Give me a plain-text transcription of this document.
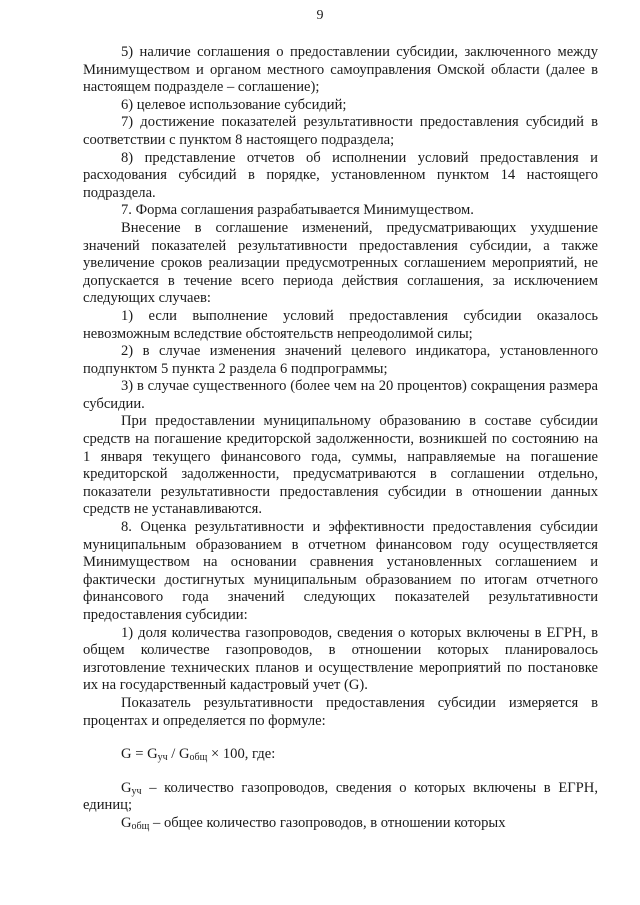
9

5) наличие соглашения о предоставлении субсидии, заключенного между Минимуществом и органом местного самоуправления Омской области (далее в настоящем подразделе – соглашение);

6) целевое использование субсидий;

7) достижение показателей результативности предоставления субсидий в соответствии с пунктом 8 настоящего подраздела;

8) представление отчетов об исполнении условий предоставления и расходования субсидий в порядке, установленном пунктом 14 настоящего подраздела.

7. Форма соглашения разрабатывается Минимуществом.

Внесение в соглашение изменений, предусматривающих ухудшение значений показателей результативности предоставления субсидии, а также увеличение сроков реализации предусмотренных соглашением мероприятий, не допускается в течение всего периода действия соглашения, за исключением следующих случаев:

1) если выполнение условий предоставления субсидии оказалось невозможным вследствие обстоятельств непреодолимой силы;

2) в случае изменения значений целевого индикатора, установленного подпунктом 5 пункта 2 раздела 6 подпрограммы;

3) в случае существенного (более чем на 20 процентов) сокращения размера субсидии.

При предоставлении муниципальному образованию в составе субсидии средств на погашение кредиторской задолженности, возникшей по состоянию на 1 января текущего финансового года, суммы, направляемые на погашение кредиторской задолженности, предусматриваются в соглашении отдельно, показатели результативности предоставления субсидии в отношении данных средств не устанавливаются.

8. Оценка результативности и эффективности предоставления субсидии муниципальным образованием в отчетном финансовом году осуществляется Минимуществом на основании сравнения установленных соглашением и фактически достигнутых муниципальным образованием по итогам отчетного финансового года значений следующих показателей результативности предоставления субсидии:

1) доля количества газопроводов, сведения о которых включены в ЕГРН, в общем количестве газопроводов, в отношении которых планировалось изготовление технических планов и осуществление мероприятий по постановке их на государственный кадастровый учет (G).

Показатель результативности предоставления субсидии измеряется в процентах и определяется по формуле:

$G = G_{уч} / G_{общ} \times 100$, где:

$G_{уч}$ – количество газопроводов, сведения о которых включены в ЕГРН, единиц;

$G_{общ}$ – общее количество газопроводов, в отношении которых
